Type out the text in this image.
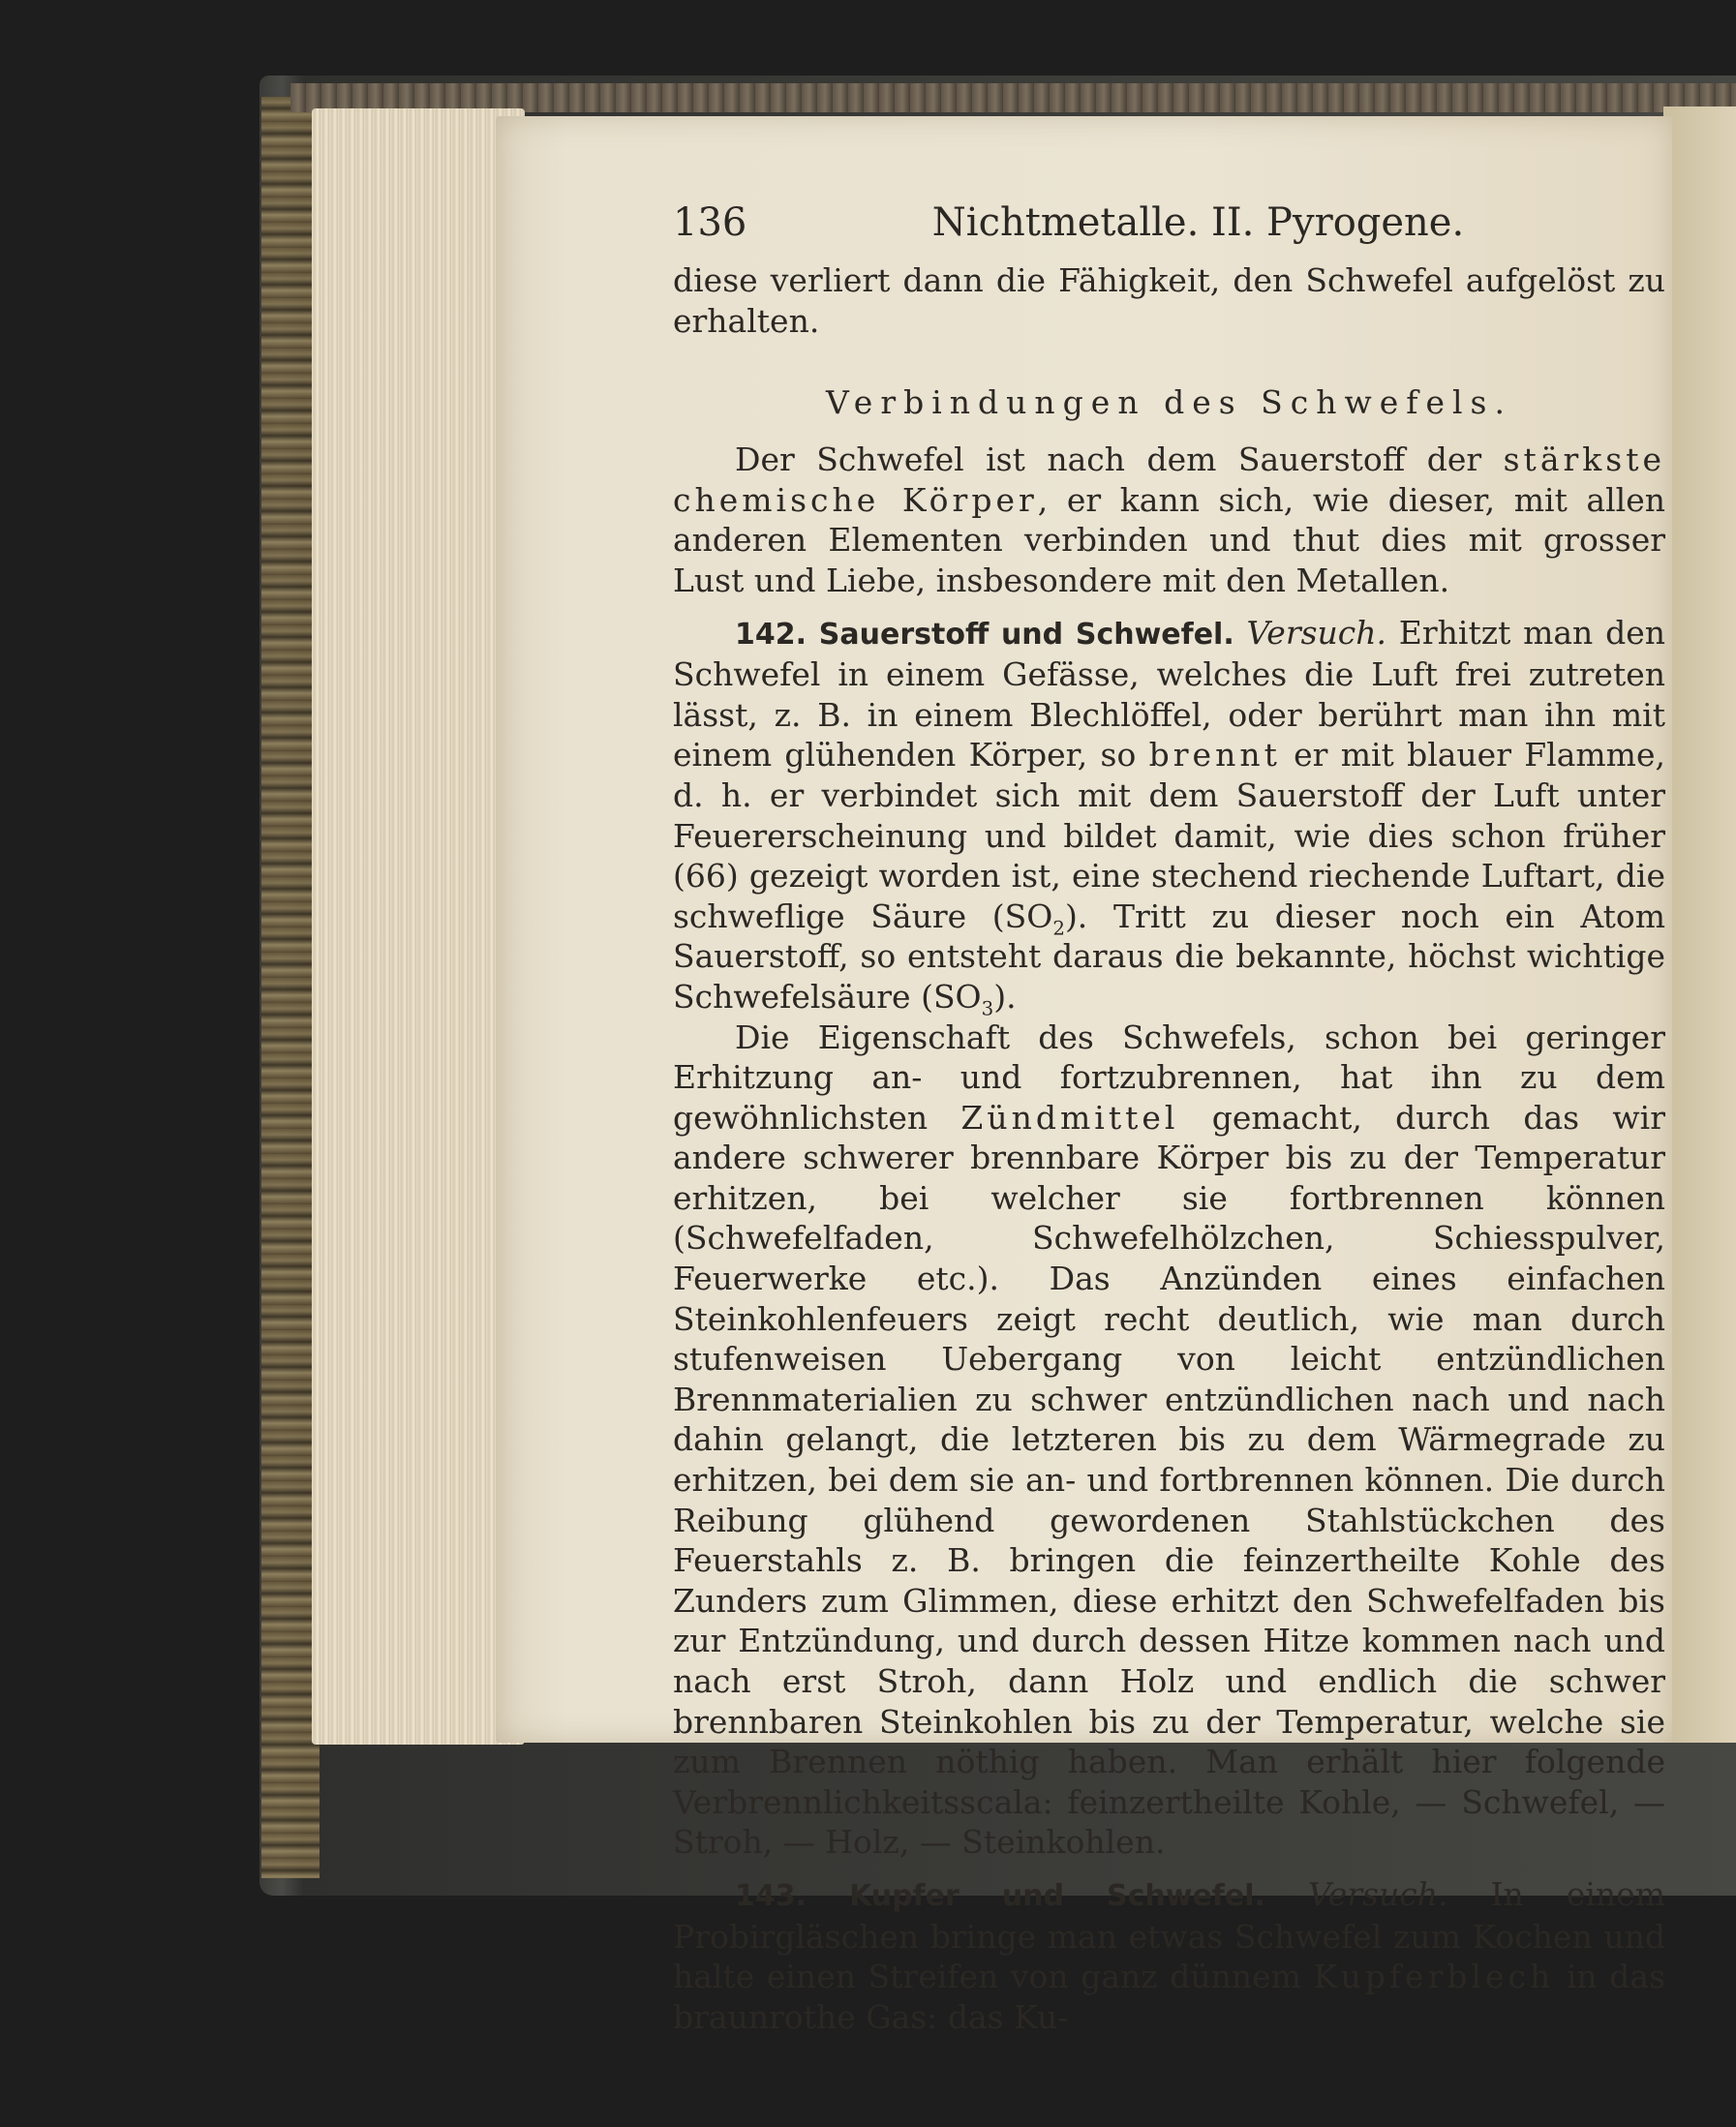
136	Nichtmetalle. II. Pyrogene.

diese verliert dann die Fähigkeit, den Schwefel aufgelöst zu erhalten.

Verbindungen des Schwefels.

Der Schwefel ist nach dem Sauerstoff der stärkste chemische Körper, er kann sich, wie dieser, mit allen anderen Elementen verbinden und thut dies mit grosser Lust und Liebe, insbesondere mit den Metallen.

142. Sauerstoff und Schwefel. Versuch. Erhitzt man den Schwefel in einem Gefässe, welches die Luft frei zutreten lässt, z. B. in einem Blechlöffel, oder berührt man ihn mit einem glühenden Körper, so brennt er mit blauer Flamme, d. h. er verbindet sich mit dem Sauerstoff der Luft unter Feuererscheinung und bildet damit, wie dies schon früher (66) gezeigt worden ist, eine stechend riechende Luftart, die schweflige Säure $(SO_2)$. Tritt zu dieser noch ein Atom Sauerstoff, so entsteht daraus die bekannte, höchst wichtige Schwefelsäure $(SO_3)$.

Die Eigenschaft des Schwefels, schon bei geringer Erhitzung an- und fortzubrennen, hat ihn zu dem gewöhnlichsten Zündmittel gemacht, durch das wir andere schwerer brennbare Körper bis zu der Temperatur erhitzen, bei welcher sie fortbrennen können (Schwefelfaden, Schwefelhölzchen, Schiesspulver, Feuerwerke etc.). Das Anzünden eines einfachen Steinkohlenfeuers zeigt recht deutlich, wie man durch stufenweisen Uebergang von leicht entzündlichen Brennmaterialien zu schwer entzündlichen nach und nach dahin gelangt, die letzteren bis zu dem Wärmegrade zu erhitzen, bei dem sie an- und fortbrennen können. Die durch Reibung glühend gewordenen Stahlstückchen des Feuerstahls z. B. bringen die feinzertheilte Kohle des Zunders zum Glimmen, diese erhitzt den Schwefelfaden bis zur Entzündung, und durch dessen Hitze kommen nach und nach erst Stroh, dann Holz und endlich die schwer brennbaren Steinkohlen bis zu der Temperatur, welche sie zum Brennen nöthig haben. Man erhält hier folgende Verbrennlichkeitsscala: feinzertheilte Kohle, — Schwefel, — Stroh, — Holz, — Steinkohlen.

143. Kupfer und Schwefel. Versuch. In einem Probirgläschen bringe man etwas Schwefel zum Kochen und halte einen Streifen von ganz dünnem Kupferblech in das braunrothe Gas: das Ku-
